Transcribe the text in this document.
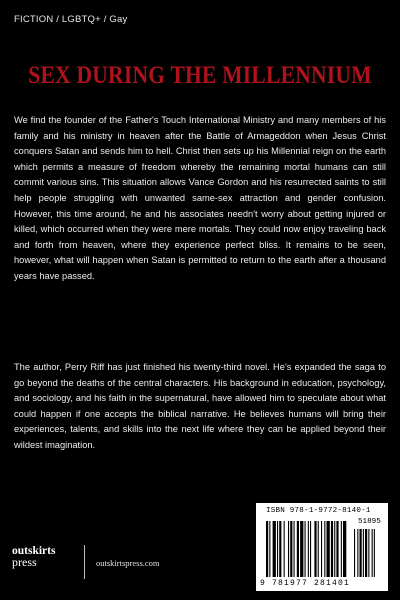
FICTION / LGBTQ+ / Gay
SEX DURING THE MILLENNIUM

We find the founder of the Father's Touch International Ministry and many members of his family and his ministry in heaven after the Battle of Armageddon when Jesus Christ conquers Satan and sends him to hell. Christ then sets up his Millennial reign on the earth which permits a measure of freedom whereby the remaining mortal humans can still commit various sins. This situation allows Vance Gordon and his resurrected saints to still help people struggling with unwanted same-sex attraction and gender confusion. However, this time around, he and his associates needn't worry about getting injured or killed, which occurred when they were mere mortals. They could now enjoy traveling back and forth from heaven, where they experience perfect bliss. It remains to be seen, however, what will happen when Satan is permitted to return to the earth after a thousand years have passed.

The author, Perry Riff has just finished his twenty-third novel. He's expanded the saga to go beyond the deaths of the central characters. His background in education, psychology, and sociology, and his faith in the supernatural, have allowed him to speculate about what could happen if one accepts the biblical narrative. He believes humans will bring their experiences, talents, and skills into the next life where they can be applied beyond their wildest imagination.

outskirts
press	outskirtspress.com
ISBN 978-1-9772-8140-1
51895
9 781977 281401
